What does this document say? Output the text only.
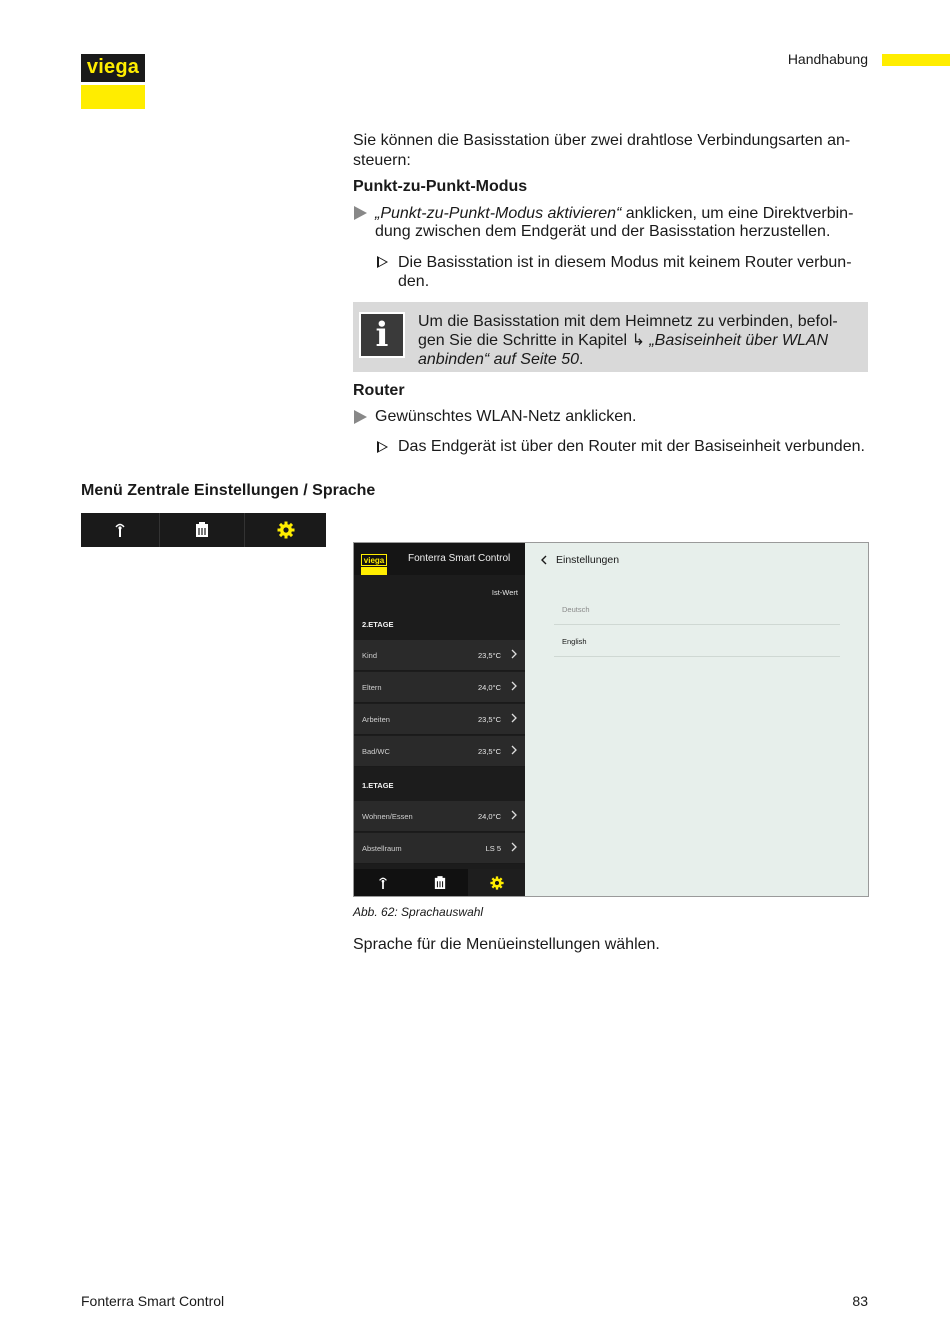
viega	Handhabung
Sie können die Basisstation über zwei drahtlose Verbindungsarten an-
steuern:
Punkt-zu-Punkt-Modus
„Punkt-zu-Punkt-Modus aktivieren“ anklicken, um eine Direktverbin-
dung zwischen dem Endgerät und der Basisstation herzustellen.
Die Basisstation ist in diesem Modus mit keinem Router verbun-
den.
i Um die Basisstation mit dem Heimnetz zu verbinden, befol-
gen Sie die Schritte in Kapitel ↳ „Basiseinheit über WLAN
anbinden“ auf Seite 50.
Router
Gewünschtes WLAN-Netz anklicken.
Das Endgerät ist über den Router mit der Basiseinheit verbunden.
Menü Zentrale Einstellungen / Sprache
viega Fonterra Smart Control
Ist-Wert
2.ETAGE
Kind	23,5°C
Eltern	24,0°C
Arbeiten	23,5°C
Bad/WC	23,5°C
1.ETAGE
Wohnen/Essen	24,0°C
Abstellraum	LS 5
Einstellungen
Deutsch
English
Abb. 62: Sprachauswahl
Sprache für die Menüeinstellungen wählen.
Fonterra Smart Control	83
